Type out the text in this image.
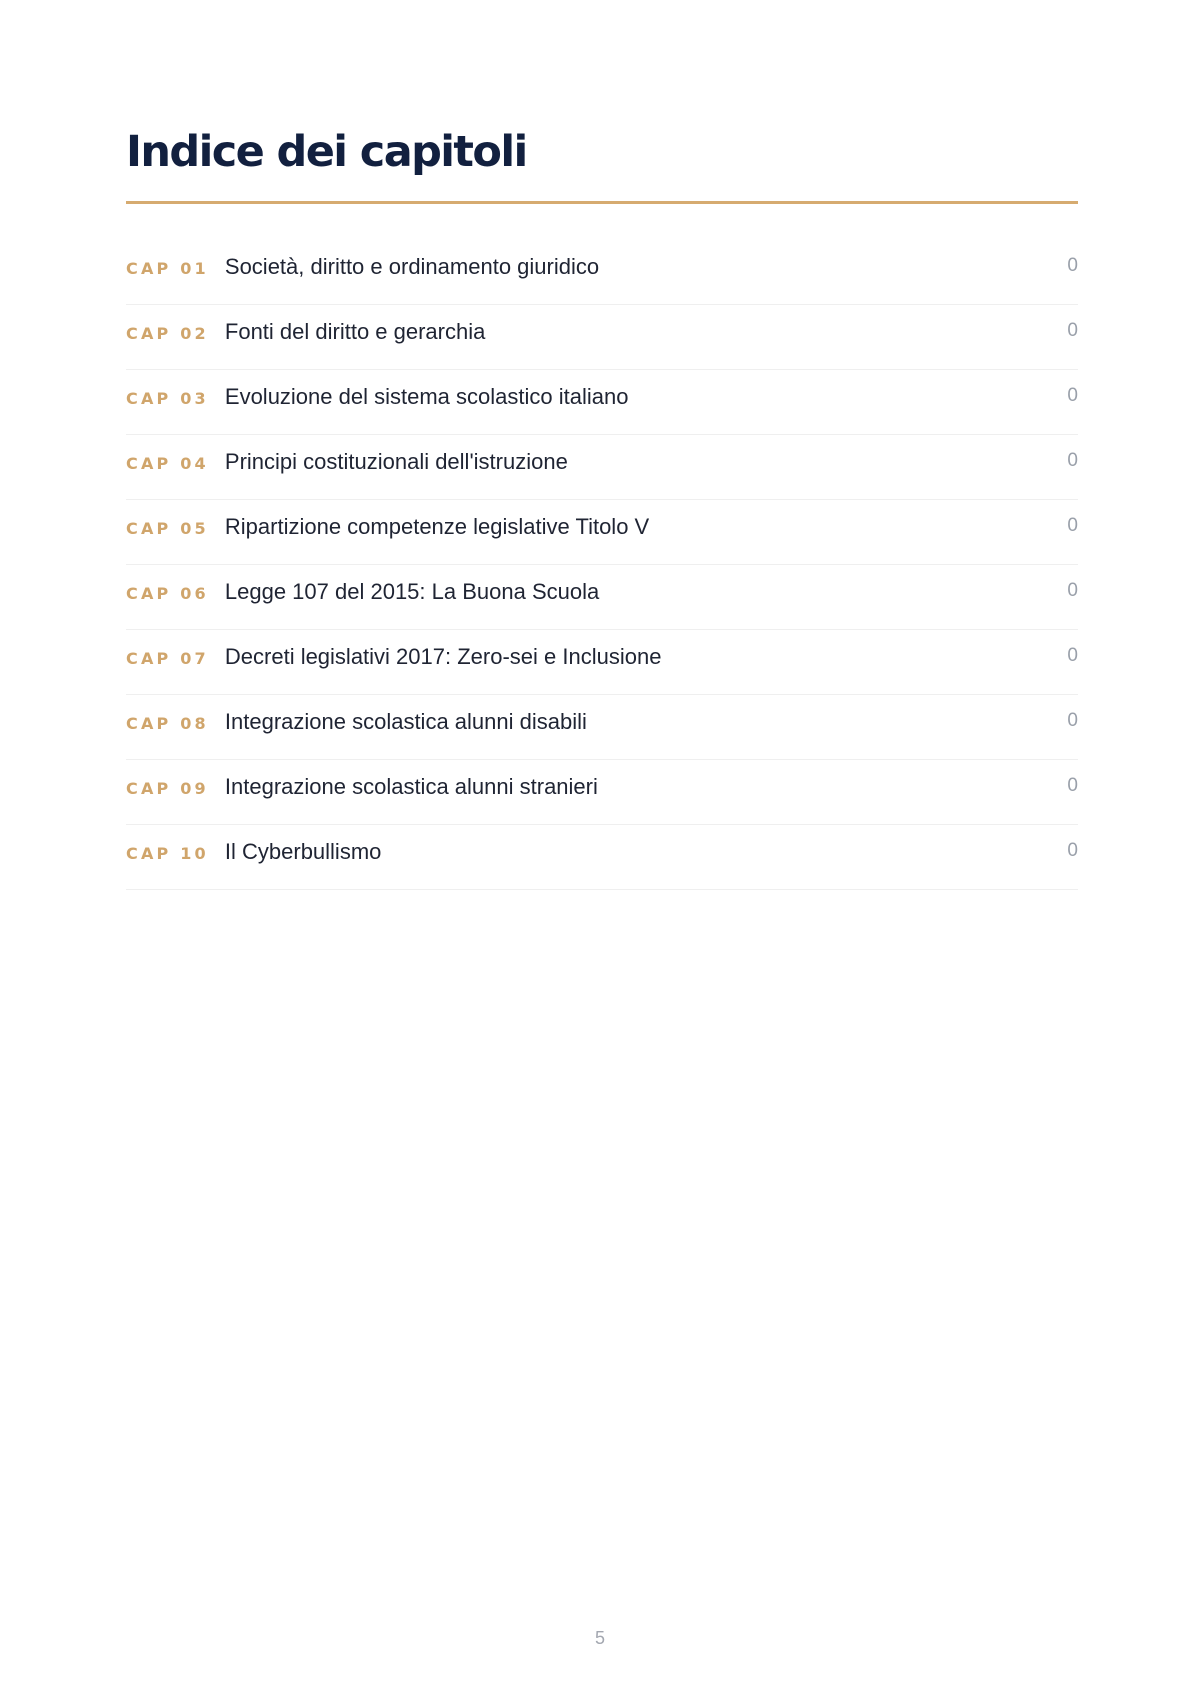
Indice dei capitoli
CAP 01 Società, diritto e ordinamento giuridico	0
CAP 02 Fonti del diritto e gerarchia	0
CAP 03 Evoluzione del sistema scolastico italiano	0
CAP 04 Principi costituzionali dell'istruzione	0
CAP 05 Ripartizione competenze legislative Titolo V	0
CAP 06 Legge 107 del 2015: La Buona Scuola	0
CAP 07 Decreti legislativi 2017: Zero-sei e Inclusione	0
CAP 08 Integrazione scolastica alunni disabili	0
CAP 09 Integrazione scolastica alunni stranieri	0
CAP 10 Il Cyberbullismo	0
5
